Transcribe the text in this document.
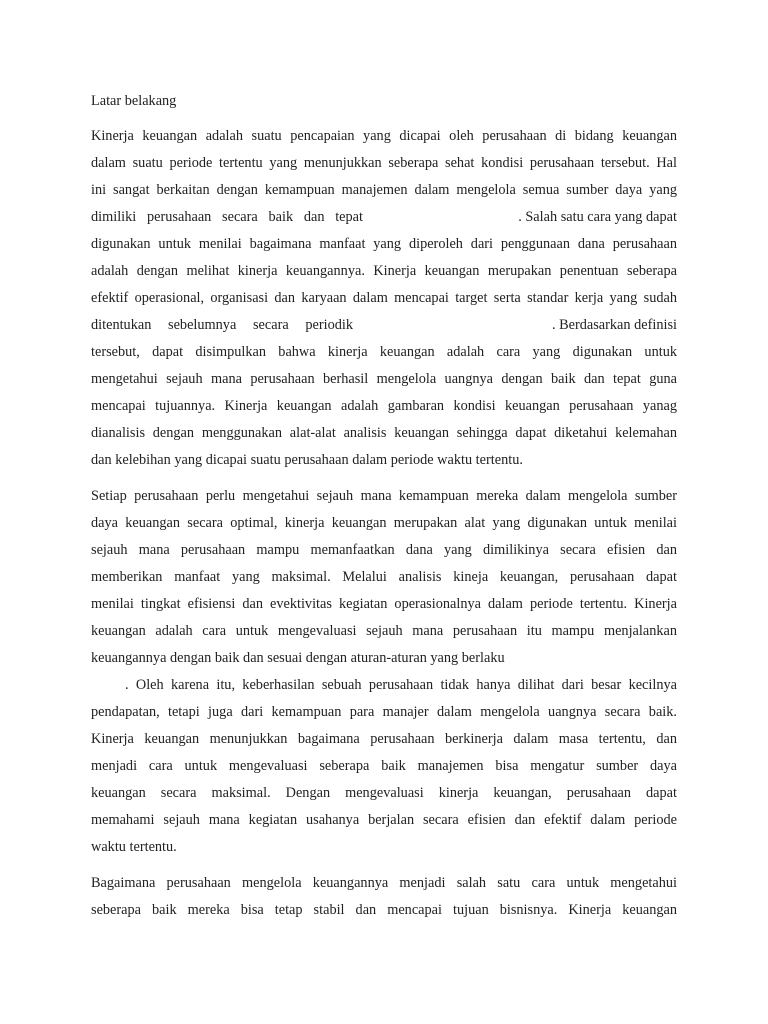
Latar belakang
Kinerja keuangan adalah suatu pencapaian yang dicapai oleh perusahaan di bidang keuangan
dalam suatu periode tertentu yang menunjukkan seberapa sehat kondisi perusahaan tersebut. Hal
ini sangat berkaitan dengan kemampuan manajemen dalam mengelola semua sumber daya yang
dimiliki perusahaan secara baik dan tepat	. Salah satu cara yang dapat
digunakan untuk menilai bagaimana manfaat yang diperoleh dari penggunaan dana perusahaan
adalah dengan melihat kinerja keuangannya. Kinerja keuangan merupakan penentuan seberapa
efektif operasional, organisasi dan karyaan dalam mencapai target serta standar kerja yang sudah
ditentukan sebelumnya secara periodik	. Berdasarkan definisi
tersebut, dapat disimpulkan bahwa kinerja keuangan adalah cara yang digunakan untuk
mengetahui sejauh mana perusahaan berhasil mengelola uangnya dengan baik dan tepat guna
mencapai tujuannya. Kinerja keuangan adalah gambaran kondisi keuangan perusahaan yanag
dianalisis dengan menggunakan alat-alat analisis keuangan sehingga dapat diketahui kelemahan
dan kelebihan yang dicapai suatu perusahaan dalam periode waktu tertentu.
Setiap perusahaan perlu mengetahui sejauh mana kemampuan mereka dalam mengelola sumber
daya keuangan secara optimal, kinerja keuangan merupakan alat yang digunakan untuk menilai
sejauh mana perusahaan mampu memanfaatkan dana yang dimilikinya secara efisien dan
memberikan manfaat yang maksimal. Melalui analisis kineja keuangan, perusahaan dapat
menilai tingkat efisiensi dan evektivitas kegiatan operasionalnya dalam periode tertentu. Kinerja
keuangan adalah cara untuk mengevaluasi sejauh mana perusahaan itu mampu menjalankan
keuangannya dengan baik dan sesuai dengan aturan-aturan yang berlaku
. Oleh karena itu, keberhasilan sebuah perusahaan tidak hanya dilihat dari besar kecilnya
pendapatan, tetapi juga dari kemampuan para manajer dalam mengelola uangnya secara baik.
Kinerja keuangan menunjukkan bagaimana perusahaan berkinerja dalam masa tertentu, dan
menjadi cara untuk mengevaluasi seberapa baik manajemen bisa mengatur sumber daya
keuangan secara maksimal. Dengan mengevaluasi kinerja keuangan, perusahaan dapat
memahami sejauh mana kegiatan usahanya berjalan secara efisien dan efektif dalam periode
waktu tertentu.
Bagaimana perusahaan mengelola keuangannya menjadi salah satu cara untuk mengetahui
seberapa baik mereka bisa tetap stabil dan mencapai tujuan bisnisnya. Kinerja keuangan
